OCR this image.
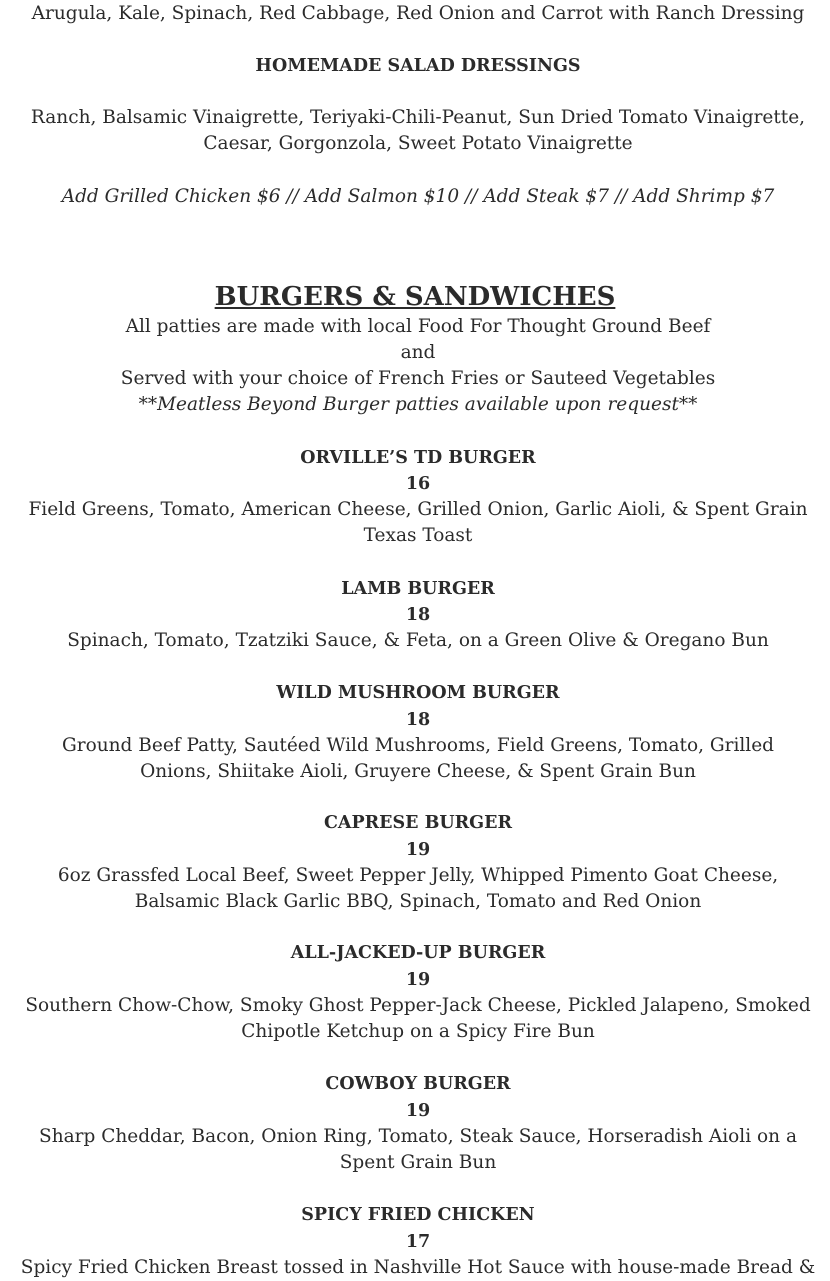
Arugula, Kale, Spinach, Red Cabbage, Red Onion and Carrot with Ranch Dressing
HOMEMADE SALAD DRESSINGS
Ranch, Balsamic Vinaigrette, Teriyaki-Chili-Peanut, Sun Dried Tomato Vinaigrette,
Caesar, Gorgonzola, Sweet Potato Vinaigrette
Add Grilled Chicken $6 // Add Salmon $10 // Add Steak $7 // Add Shrimp $7
BURGERS & SANDWICHES
All patties are made with local Food For Thought Ground Beef
and
Served with your choice of French Fries or Sauteed Vegetables
**Meatless Beyond Burger patties available upon request**
ORVILLE’S TD BURGER
16
Field Greens, Tomato, American Cheese, Grilled Onion, Garlic Aioli, & Spent Grain
Texas Toast
LAMB BURGER
18
Spinach, Tomato, Tzatziki Sauce, & Feta, on a Green Olive & Oregano Bun
WILD MUSHROOM BURGER
18
Ground Beef Patty, Sautéed Wild Mushrooms, Field Greens, Tomato, Grilled
Onions, Shiitake Aioli, Gruyere Cheese, & Spent Grain Bun
CAPRESE BURGER
19
6oz Grassfed Local Beef, Sweet Pepper Jelly, Whipped Pimento Goat Cheese,
Balsamic Black Garlic BBQ, Spinach, Tomato and Red Onion
ALL-JACKED-UP BURGER
19
Southern Chow-Chow, Smoky Ghost Pepper-Jack Cheese, Pickled Jalapeno, Smoked
Chipotle Ketchup on a Spicy Fire Bun
COWBOY BURGER
19
Sharp Cheddar, Bacon, Onion Ring, Tomato, Steak Sauce, Horseradish Aioli on a
Spent Grain Bun
SPICY FRIED CHICKEN
17
Spicy Fried Chicken Breast tossed in Nashville Hot Sauce with house-made Bread &
